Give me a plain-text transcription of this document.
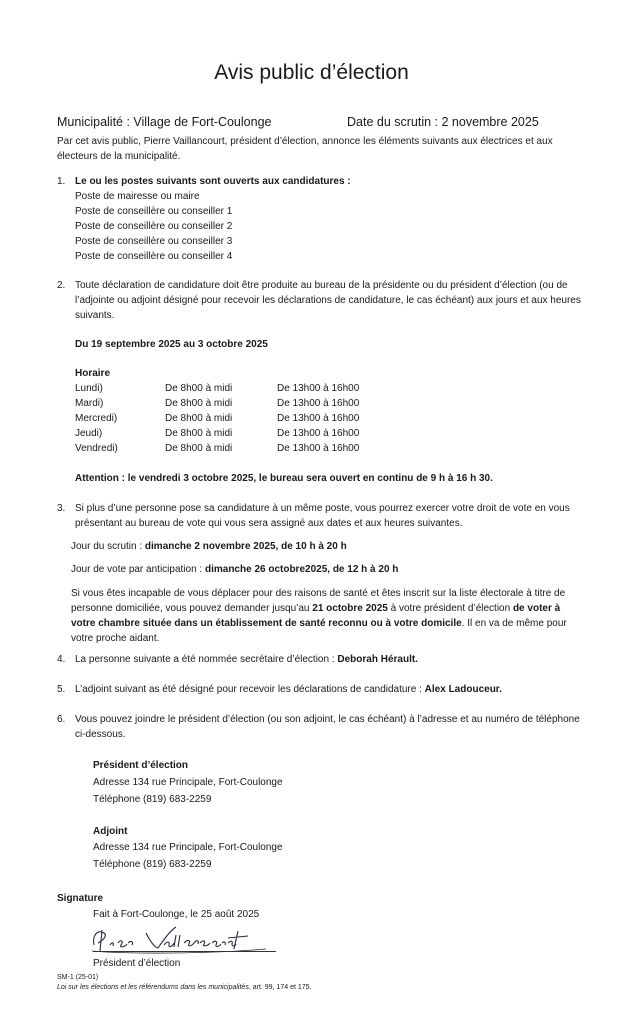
Avis public d’élection
Municipalité : Village de Fort-Coulonge	Date du scrutin : 2 novembre 2025

Par cet avis public, Pierre Vaillancourt, président d’élection, annonce les éléments suivants aux électrices et aux électeurs de la municipalité.

1. Le ou les postes suivants sont ouverts aux candidatures :
Poste de mairesse ou maire
Poste de conseillère ou conseiller 1
Poste de conseillère ou conseiller 2
Poste de conseillère ou conseiller 3
Poste de conseillère ou conseiller 4
2. Toute déclaration de candidature doit être produite au bureau de la présidente ou du président d’élection (ou de l’adjointe ou adjoint désigné pour recevoir les déclarations de candidature, le cas échéant) aux jours et aux heures suivants.
Du 19 septembre 2025 au 3 octobre 2025
Horaire
Lundi)	De 8h00 à midi	De 13h00 à 16h00
Mardi)	De 8h00 à midi	De 13h00 à 16h00
Mercredi)	De 8h00 à midi	De 13h00 à 16h00
Jeudi)	De 8h00 à midi	De 13h00 à 16h00
Vendredi)	De 8h00 à midi	De 13h00 à 16h00
Attention : le vendredi 3 octobre 2025, le bureau sera ouvert en continu de 9 h à 16 h 30.
3. Si plus d’une personne pose sa candidature à un même poste, vous pourrez exercer votre droit de vote en vous présentant au bureau de vote qui vous sera assigné aux dates et aux heures suivantes.
Jour du scrutin : dimanche 2 novembre 2025, de 10 h à 20 h
Jour de vote par anticipation : dimanche 26 octobre2025, de 12 h à 20 h
Si vous êtes incapable de vous déplacer pour des raisons de santé et êtes inscrit sur la liste électorale à titre de personne domiciliée, vous pouvez demander jusqu’au 21 octobre 2025 à votre président d’élection de voter à votre chambre située dans un établissement de santé reconnu ou à votre domicile. Il en va de même pour votre proche aidant.
4. La personne suivante a été nommée secrétaire d’élection : Deborah Hérault.
5. L’adjoint suivant as été désigné pour recevoir les déclarations de candidature : Alex Ladouceur.
6. Vous pouvez joindre le président d’élection (ou son adjoint, le cas échéant) à l’adresse et au numéro de téléphone ci-dessous.
Président d’élection
Adresse 134 rue Principale, Fort-Coulonge
Téléphone (819) 683-2259
Adjoint
Adresse 134 rue Principale, Fort-Coulonge
Téléphone (819) 683-2259
Signature
Fait à Fort-Coulonge, le 25 août 2025
Président d’élection
SM-1 (25-01)
Loi sur les élections et les référendums dans les municipalités, art. 99, 174 et 175.
